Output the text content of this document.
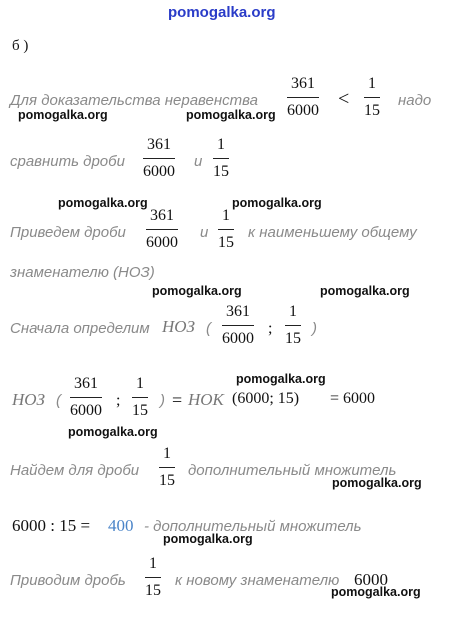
pomogalka.org
б )
Для доказательства неравенства
361
6000
<
1
15
надо
pomogalka.org	pomogalka.org
сравнить дроби
361
6000
и
1
15
pomogalka.org	pomogalka.org
Приведем дроби
361
6000
и
1
15
к наименьшему общему
знаменателю (НОЗ)
pomogalka.org	pomogalka.org
Сначала определим НОЗ (
361
6000
;
1
15
)
НОЗ (
361
6000
;
1
15
) = НОК (6000; 15) = 6000
pomogalka.org
pomogalka.org
Найдем для дроби
1
15
дополнительный множитель
pomogalka.org
6000 : 15 = 400 - дополнительный множитель
pomogalka.org
Приводим дробь
1
15
к новому знаменателю 6000
pomogalka.org
